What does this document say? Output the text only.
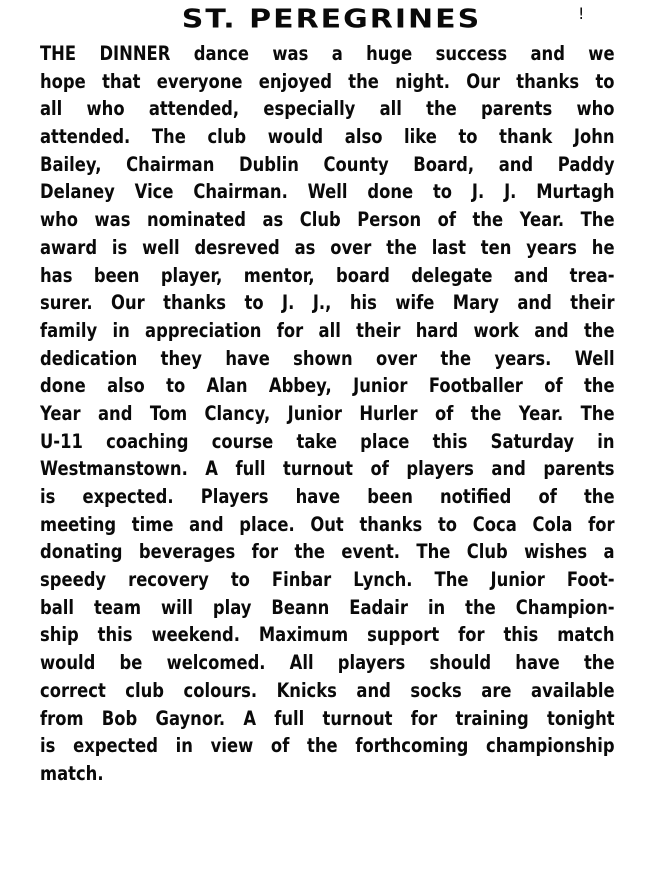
ST. PEREGRINES	!
THE DINNER dance was a huge success and we
hope that everyone enjoyed the night. Our thanks to
all who attended, especially all the parents who
attended. The club would also like to thank John
Bailey, Chairman Dublin County Board, and Paddy
Delaney Vice Chairman. Well done to J. J. Murtagh
who was nominated as Club Person of the Year. The
award is well desreved as over the last ten years he
has been player, mentor, board delegate and trea-
surer. Our thanks to J. J., his wife Mary and their
family in appreciation for all their hard work and the
dedication they have shown over the years. Well
done also to Alan Abbey, Junior Footballer of the
Year and Tom Clancy, Junior Hurler of the Year. The
U-11 coaching course take place this Saturday in
Westmanstown. A full turnout of players and parents
is expected. Players have been notified of the
meeting time and place. Out thanks to Coca Cola for
donating beverages for the event. The Club wishes a
speedy recovery to Finbar Lynch. The Junior Foot-
ball team will play Beann Eadair in the Champion-
ship this weekend. Maximum support for this match
would be welcomed. All players should have the
correct club colours. Knicks and socks are available
from Bob Gaynor. A full turnout for training tonight
is expected in view of the forthcoming championship
match.
